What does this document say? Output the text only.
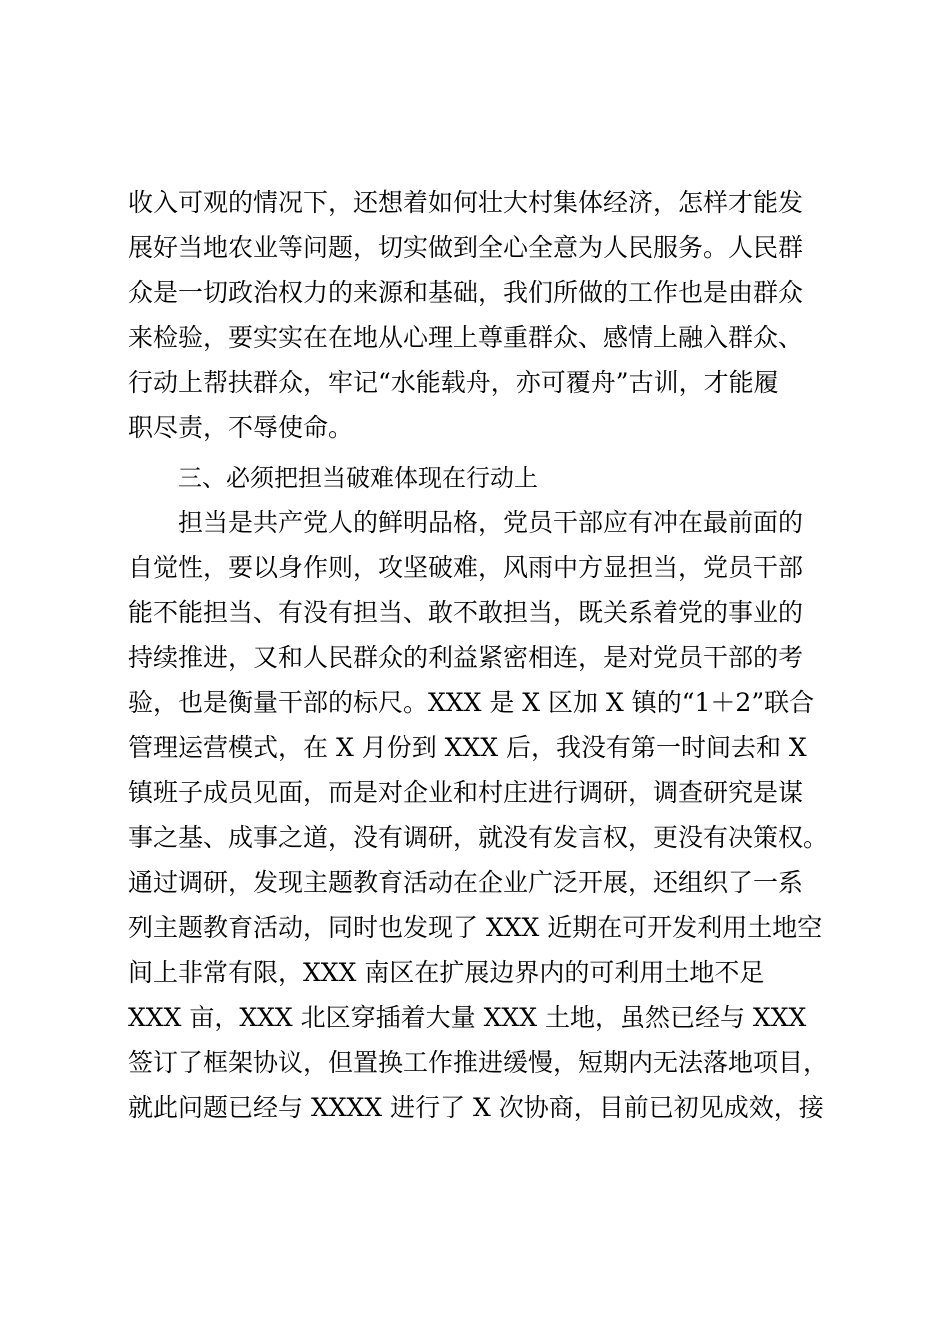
收入可观的情况下，还想着如何壮大村集体经济，怎样才能发
展好当地农业等问题，切实做到全心全意为人民服务。人民群
众是一切政治权力的来源和基础，我们所做的工作也是由群众
来检验，要实实在在地从心理上尊重群众、感情上融入群众、
行动上帮扶群众，牢记“水能载舟，亦可覆舟”古训，才能履
职尽责，不辱使命。
三、必须把担当破难体现在行动上
担当是共产党人的鲜明品格，党员干部应有冲在最前面的
自觉性，要以身作则，攻坚破难，风雨中方显担当，党员干部
能不能担当、有没有担当、敢不敢担当，既关系着党的事业的
持续推进，又和人民群众的利益紧密相连，是对党员干部的考
验，也是衡量干部的标尺。XXX 是 X 区加 X 镇的“1＋2”联合
管理运营模式，在 X 月份到 XXX 后，我没有第一时间去和 X
镇班子成员见面，而是对企业和村庄进行调研，调查研究是谋
事之基、成事之道，没有调研，就没有发言权，更没有决策权。
通过调研，发现主题教育活动在企业广泛开展，还组织了一系
列主题教育活动，同时也发现了 XXX 近期在可开发利用土地空
间上非常有限，XXX 南区在扩展边界内的可利用土地不足
XXX 亩，XXX 北区穿插着大量 XXX 土地，虽然已经与 XXX
签订了框架协议，但置换工作推进缓慢，短期内无法落地项目，
就此问题已经与 XXXX 进行了 X 次协商，目前已初见成效，接
